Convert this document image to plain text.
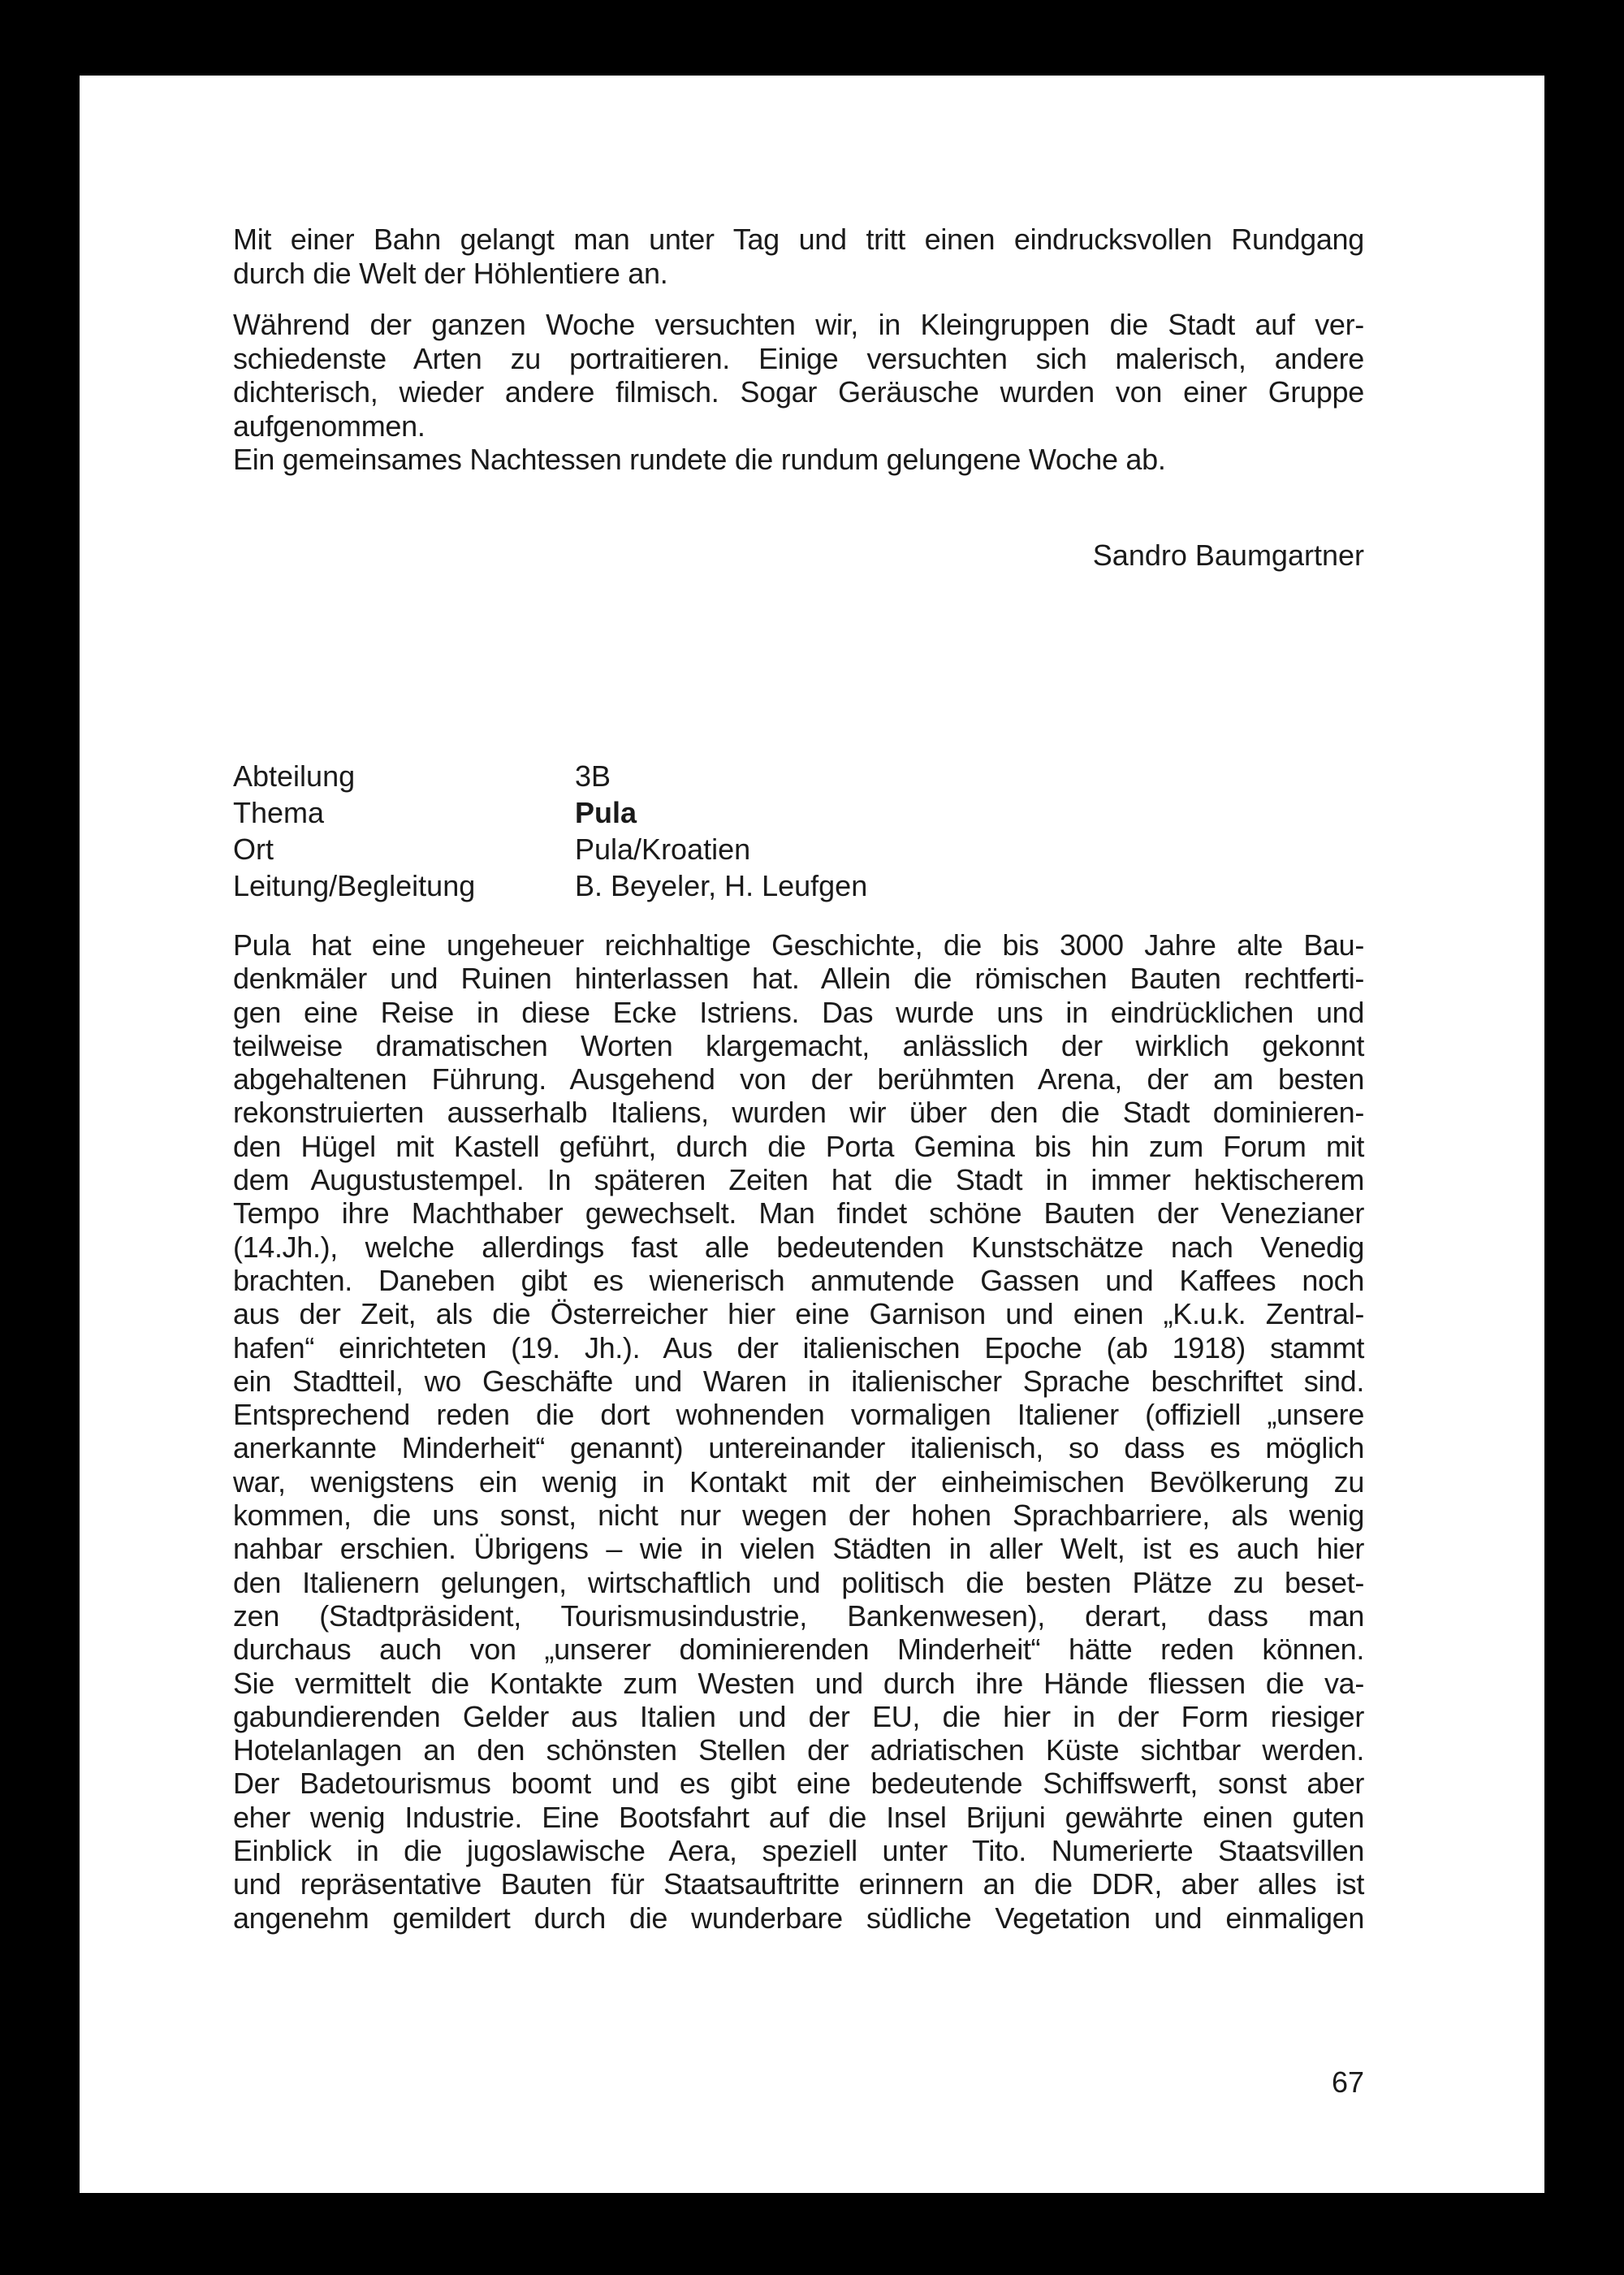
Mit einer Bahn gelangt man unter Tag und tritt einen eindrucksvollen Rundgang
durch die Welt der Höhlentiere an.
Während der ganzen Woche versuchten wir, in Kleingruppen die Stadt auf ver-
schiedenste Arten zu portraitieren. Einige versuchten sich malerisch, andere
dichterisch, wieder andere filmisch. Sogar Geräusche wurden von einer Gruppe
aufgenommen.
Ein gemeinsames Nachtessen rundete die rundum gelungene Woche ab.
Sandro Baumgartner
Abteilung	3B
Thema	Pula
Ort	Pula/Kroatien
Leitung/Begleitung	B. Beyeler, H. Leufgen
Pula hat eine ungeheuer reichhaltige Geschichte, die bis 3000 Jahre alte Bau-
denkmäler und Ruinen hinterlassen hat. Allein die römischen Bauten rechtferti-
gen eine Reise in diese Ecke Istriens. Das wurde uns in eindrücklichen und
teilweise dramatischen Worten klargemacht, anlässlich der wirklich gekonnt
abgehaltenen Führung. Ausgehend von der berühmten Arena, der am besten
rekonstruierten ausserhalb Italiens, wurden wir über den die Stadt dominieren-
den Hügel mit Kastell geführt, durch die Porta Gemina bis hin zum Forum mit
dem Augustustempel. In späteren Zeiten hat die Stadt in immer hektischerem
Tempo ihre Machthaber gewechselt. Man findet schöne Bauten der Venezianer
(14.Jh.), welche allerdings fast alle bedeutenden Kunstschätze nach Venedig
brachten. Daneben gibt es wienerisch anmutende Gassen und Kaffees noch
aus der Zeit, als die Österreicher hier eine Garnison und einen „K.u.k. Zentral-
hafen“ einrichteten (19. Jh.). Aus der italienischen Epoche (ab 1918) stammt
ein Stadtteil, wo Geschäfte und Waren in italienischer Sprache beschriftet sind.
Entsprechend reden die dort wohnenden vormaligen Italiener (offiziell „unsere
anerkannte Minderheit“ genannt) untereinander italienisch, so dass es möglich
war, wenigstens ein wenig in Kontakt mit der einheimischen Bevölkerung zu
kommen, die uns sonst, nicht nur wegen der hohen Sprachbarriere, als wenig
nahbar erschien. Übrigens – wie in vielen Städten in aller Welt, ist es auch hier
den Italienern gelungen, wirtschaftlich und politisch die besten Plätze zu beset-
zen (Stadtpräsident, Tourismusindustrie, Bankenwesen), derart, dass man
durchaus auch von „unserer dominierenden Minderheit“ hätte reden können.
Sie vermittelt die Kontakte zum Westen und durch ihre Hände fliessen die va-
gabundierenden Gelder aus Italien und der EU, die hier in der Form riesiger
Hotelanlagen an den schönsten Stellen der adriatischen Küste sichtbar werden.
Der Badetourismus boomt und es gibt eine bedeutende Schiffswerft, sonst aber
eher wenig Industrie. Eine Bootsfahrt auf die Insel Brijuni gewährte einen guten
Einblick in die jugoslawische Aera, speziell unter Tito. Numerierte Staatsvillen
und repräsentative Bauten für Staatsauftritte erinnern an die DDR, aber alles ist
angenehm gemildert durch die wunderbare südliche Vegetation und einmaligen
67
